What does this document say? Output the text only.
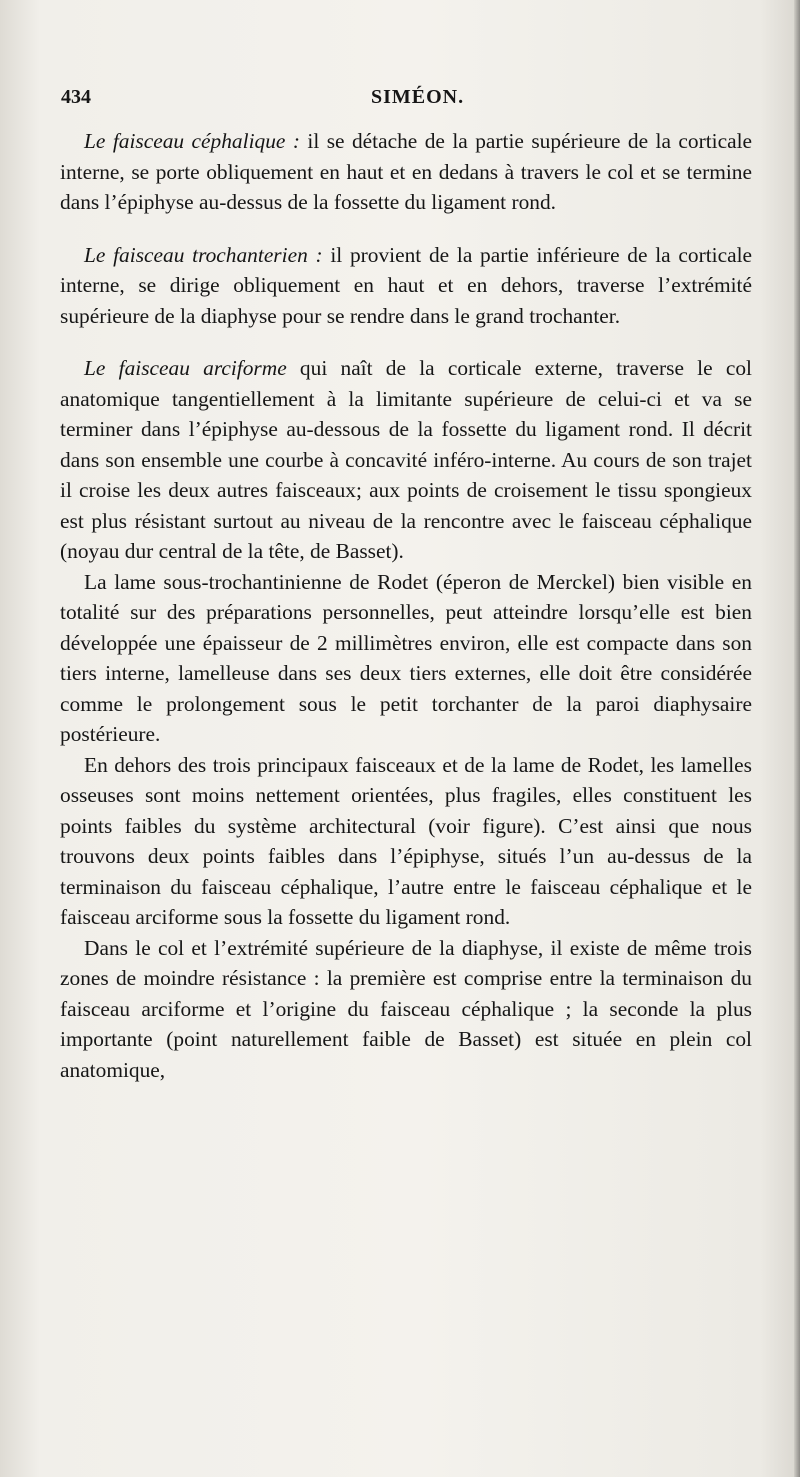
434	SIMÉON.

Le faisceau céphalique : il se détache de la partie supérieure de la corticale interne, se porte obliquement en haut et en dedans à travers le col et se termine dans l’épiphyse au-dessus de la fossette du ligament rond.

Le faisceau trochanterien : il provient de la partie inférieure de la corticale interne, se dirige obliquement en haut et en dehors, traverse l’extrémité supérieure de la diaphyse pour se rendre dans le grand trochanter.

Le faisceau arciforme qui naît de la corticale externe, traverse le col anatomique tangentiellement à la limitante supérieure de celui-ci et va se terminer dans l’épiphyse au-dessous de la fossette du ligament rond. Il décrit dans son ensemble une courbe à concavité inféro-interne. Au cours de son trajet il croise les deux autres faisceaux; aux points de croisement le tissu spongieux est plus résistant surtout au niveau de la rencontre avec le faisceau céphalique (noyau dur central de la tête, de Basset).

La lame sous-trochantinienne de Rodet (éperon de Merckel) bien visible en totalité sur des préparations personnelles, peut atteindre lorsqu’elle est bien développée une épaisseur de 2 millimètres environ, elle est compacte dans son tiers interne, lamelleuse dans ses deux tiers externes, elle doit être considérée comme le prolongement sous le petit torchanter de la paroi diaphysaire postérieure.

En dehors des trois principaux faisceaux et de la lame de Rodet, les lamelles osseuses sont moins nettement orientées, plus fragiles, elles constituent les points faibles du système architectural (voir figure). C’est ainsi que nous trouvons deux points faibles dans l’épiphyse, situés l’un au-dessus de la terminaison du faisceau céphalique, l’autre entre le faisceau céphalique et le faisceau arciforme sous la fossette du ligament rond.

Dans le col et l’extrémité supérieure de la diaphyse, il existe de même trois zones de moindre résistance : la première est comprise entre la terminaison du faisceau arciforme et l’origine du faisceau céphalique ; la seconde la plus importante (point naturellement faible de Basset) est située en plein col anatomique,
